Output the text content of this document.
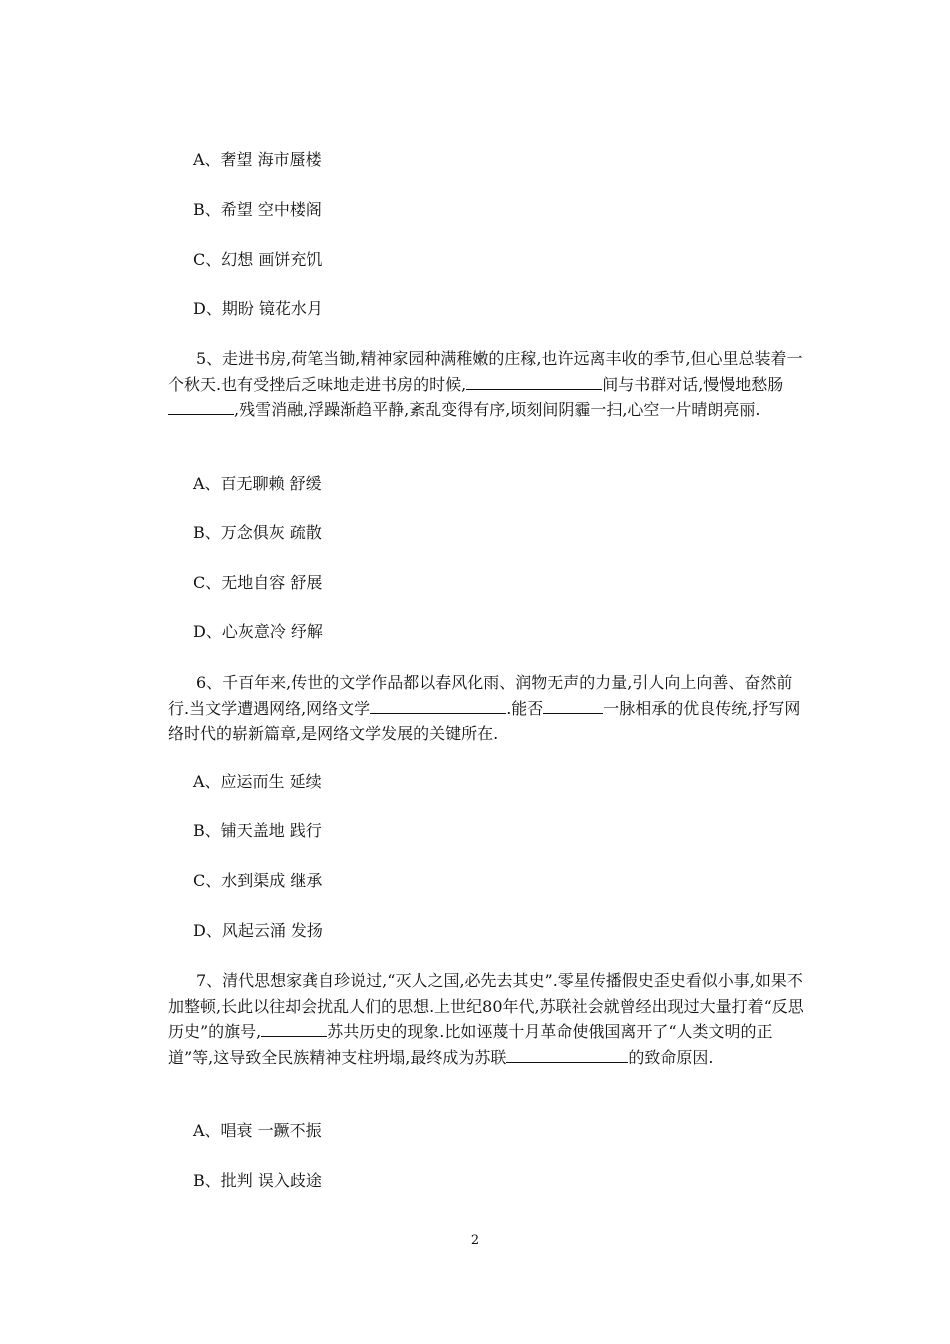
A、奢望 海市蜃楼
B、希望 空中楼阁
C、幻想 画饼充饥
D、期盼 镜花水月

5、走进书房,荷笔当锄,精神家园种满稚嫩的庄稼,也许远离丰收的季节,但心里总装着一个秋天.也有受挫后乏味地走进书房的时候,	间与书群对话,慢慢地愁肠,残雪消融,浮躁渐趋平静,紊乱变得有序,顷刻间阴霾一扫,心空一片晴朗亮丽.

A、百无聊赖 舒缓
B、万念俱灰 疏散
C、无地自容 舒展
D、心灰意冷 纾解

6、千百年来,传世的文学作品都以春风化雨、润物无声的力量,引人向上向善、奋然前行.当文学遭遇网络,网络文学	.能否	一脉相承的优良传统,抒写网络时代的崭新篇章,是网络文学发展的关键所在.

A、应运而生 延续
B、铺天盖地 践行
C、水到渠成 继承
D、风起云涌 发扬

7、清代思想家龚自珍说过,“灭人之国,必先去其史”.零星传播假史歪史看似小事,如果不加整顿,长此以往却会扰乱人们的思想.上世纪80年代,苏联社会就曾经出现过大量打着“反思历史”的旗号,	苏共历史的现象.比如诬蔑十月革命使俄国离开了“人类文明的正道”等,这导致全民族精神支柱坍塌,最终成为苏联	的致命原因.

A、唱衰 一蹶不振
B、批判 误入歧途
2
